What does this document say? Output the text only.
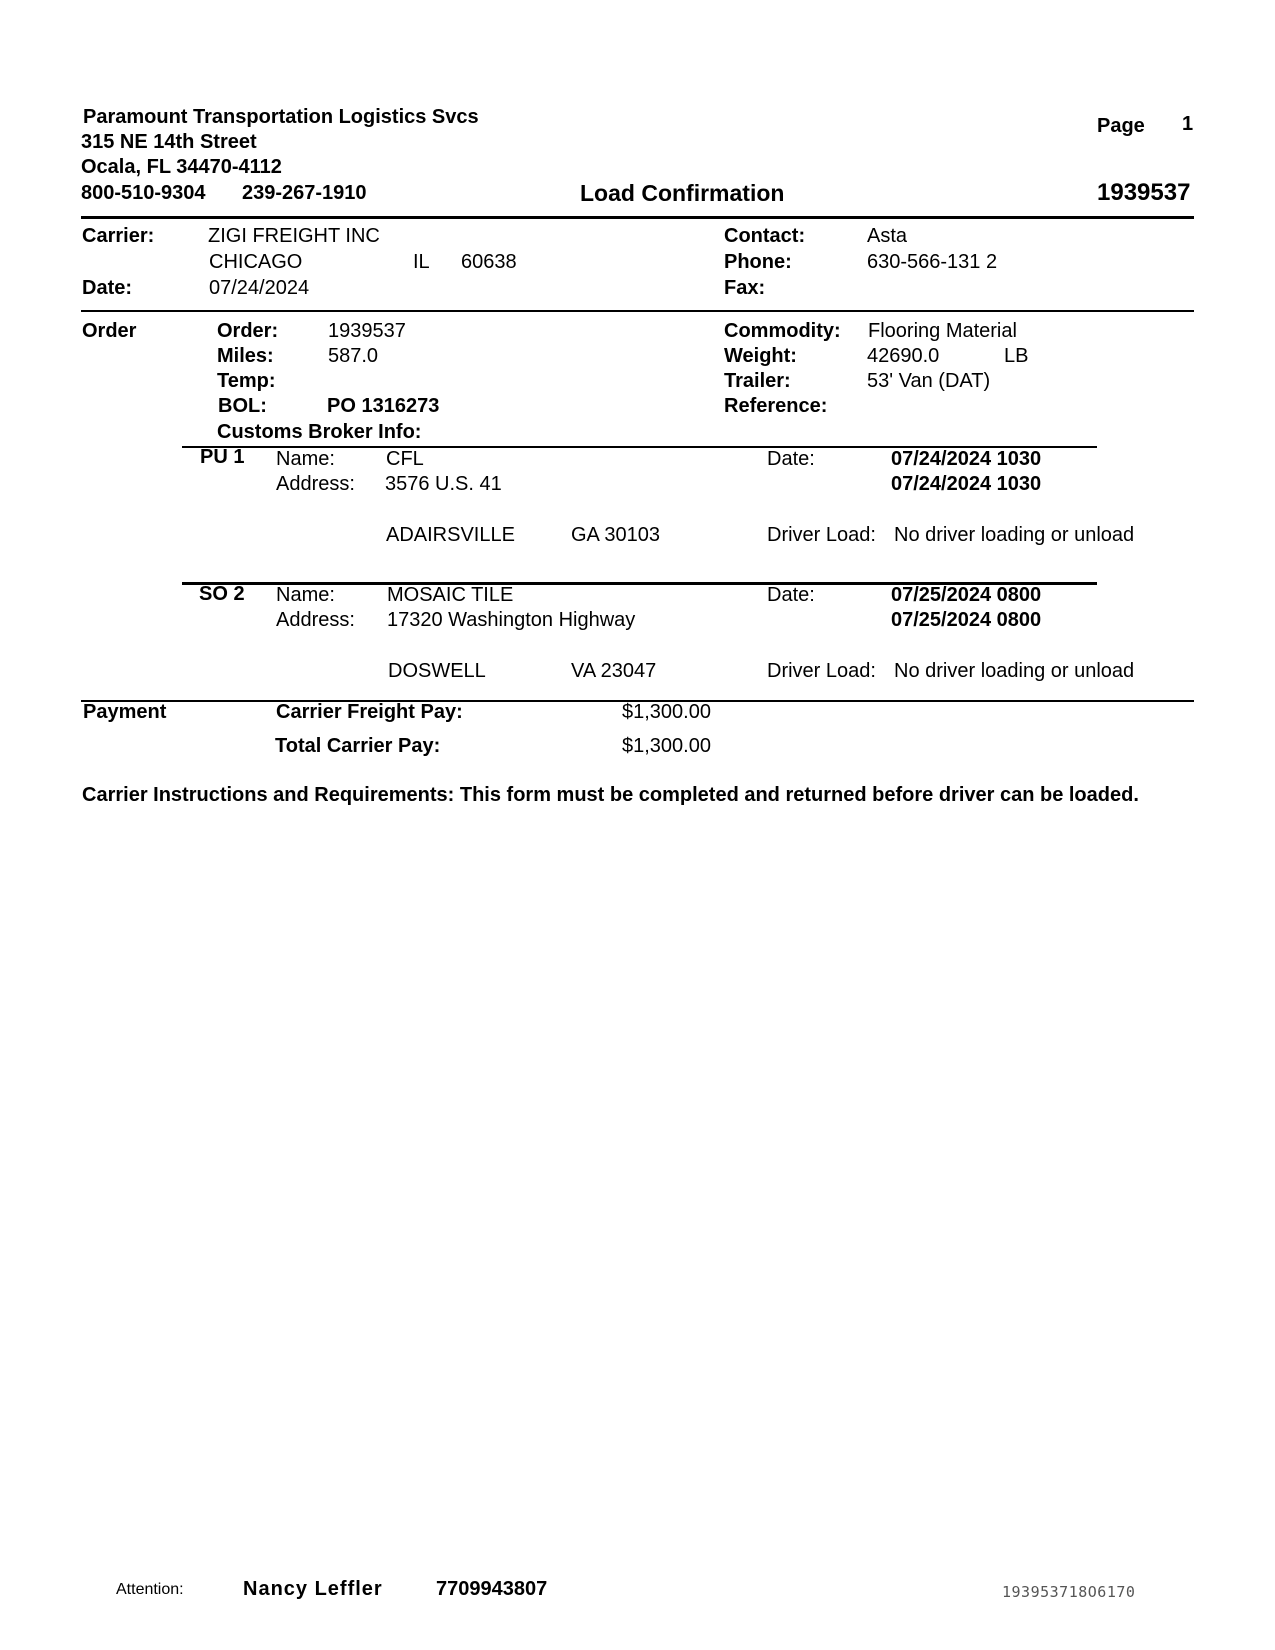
Paramount Transportation Logistics Svcs
315 NE 14th Street
Ocala, FL 34470-4112
800-510-9304 239-267-1910
Page 1
Load Confirmation	1939537
Carrier:	ZIGI FREIGHT INC
CHICAGO	IL 60638
Date:	07/24/2024
Contact:	Asta
Phone:	630-566-131 2
Fax:
Order	Order: 1939537
Miles:	587.0
Temp:
BOL:	PO 1316273
Customs Broker Info:
Commodity: Flooring Material
Weight:	42690.0	LB
Trailer:	53' Van (DAT)
Reference:
PU 1 Name:	CFL
Address: 3576 U.S. 41
ADAIRSVILLE	GA 30103
Date:	07/24/2024 1030
07/24/2024 1030
Driver Load: No driver loading or unload
SO 2 Name:	MOSAIC TILE
Address: 17320 Washington Highway
DOSWELL	VA 23047
Date:	07/25/2024 0800
07/25/2024 0800
Driver Load: No driver loading or unload
Payment	Carrier Freight Pay:	$1,300.00
Total Carrier Pay:	$1,300.00
Carrier Instructions and Requirements: This form must be completed and returned before driver can be loaded.
Attention:	Nancy Leffler	7709943807	193953718O6170
